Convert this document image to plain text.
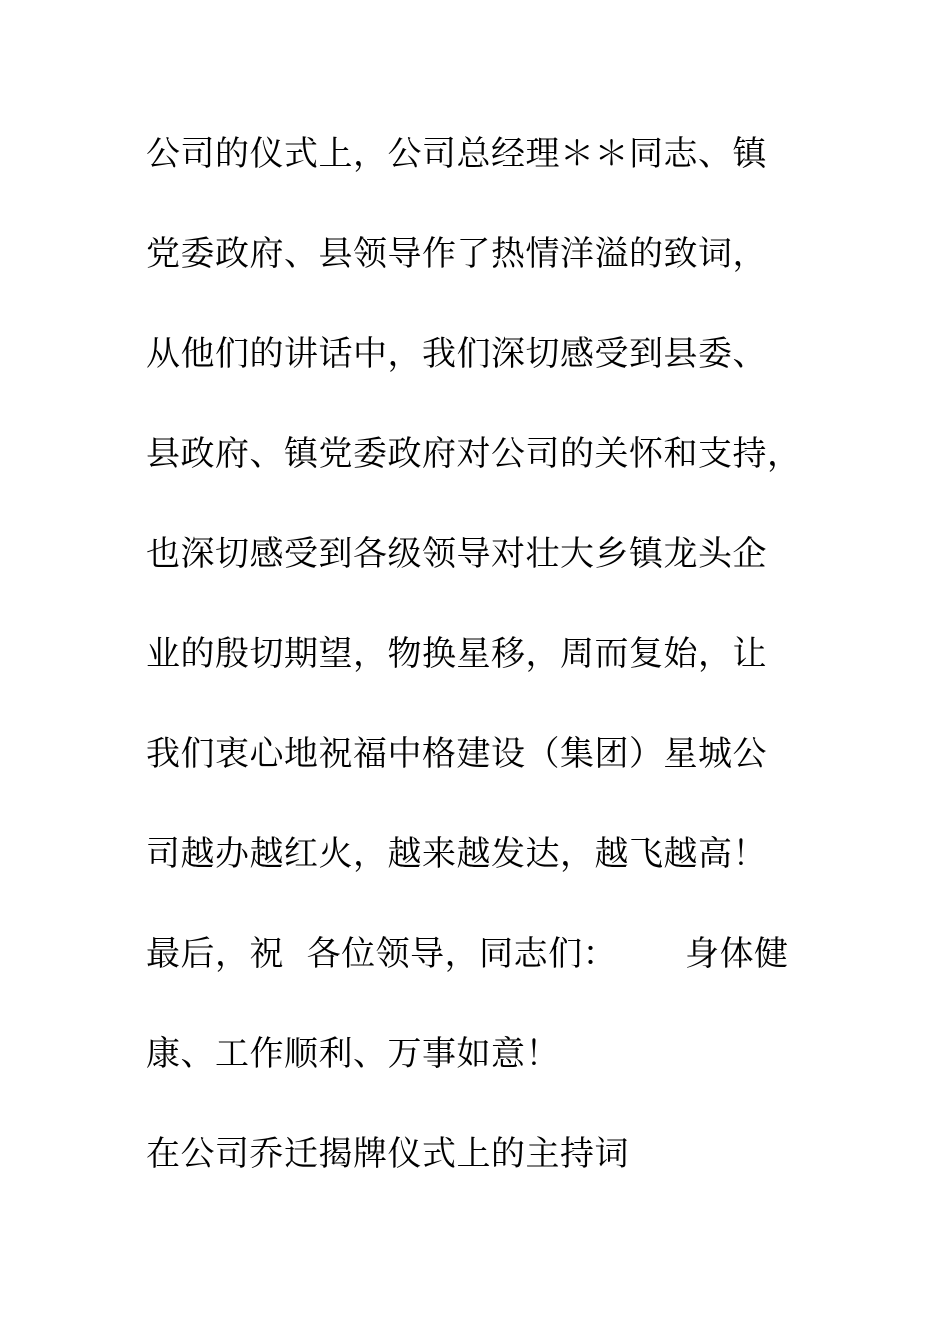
公司的仪式上，公司总经理＊＊同志、镇
党委政府、县领导作了热情洋溢的致词，
从他们的讲话中，我们深切感受到县委、
县政府、镇党委政府对公司的关怀和支持，
也深切感受到各级领导对壮大乡镇龙头企
业的殷切期望，物换星移，周而复始，让
我们衷心地祝福中格建设（集团）星城公
司越办越红火，越来越发达，越飞越高！
最后，祝  各位领导，同志们：      身体健
康、工作顺利、万事如意！
在公司乔迁揭牌仪式上的主持词
